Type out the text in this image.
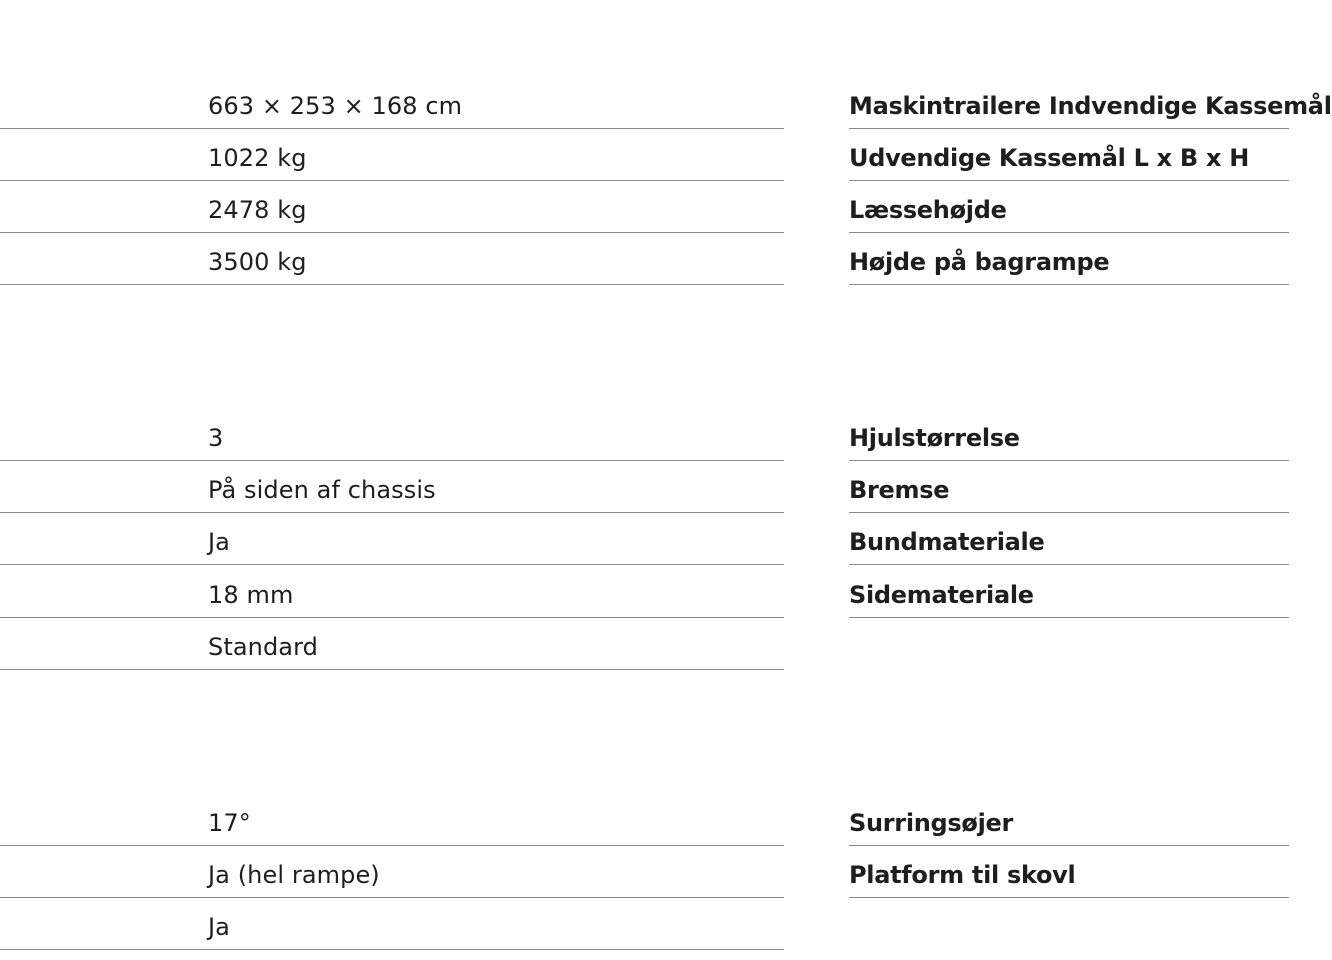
663 × 253 × 168 cm
1022 kg
2478 kg
3500 kg
Maskintrailere Indvendige Kassemål
Udvendige Kassemål L x B x H
Læssehøjde
Højde på bagrampe
3
På siden af chassis
Ja
18 mm
Standard
Hjulstørrelse
Bremse
Bundmateriale
Sidemateriale
17°
Ja (hel rampe)
Ja
Surringsøjer
Platform til skovl
